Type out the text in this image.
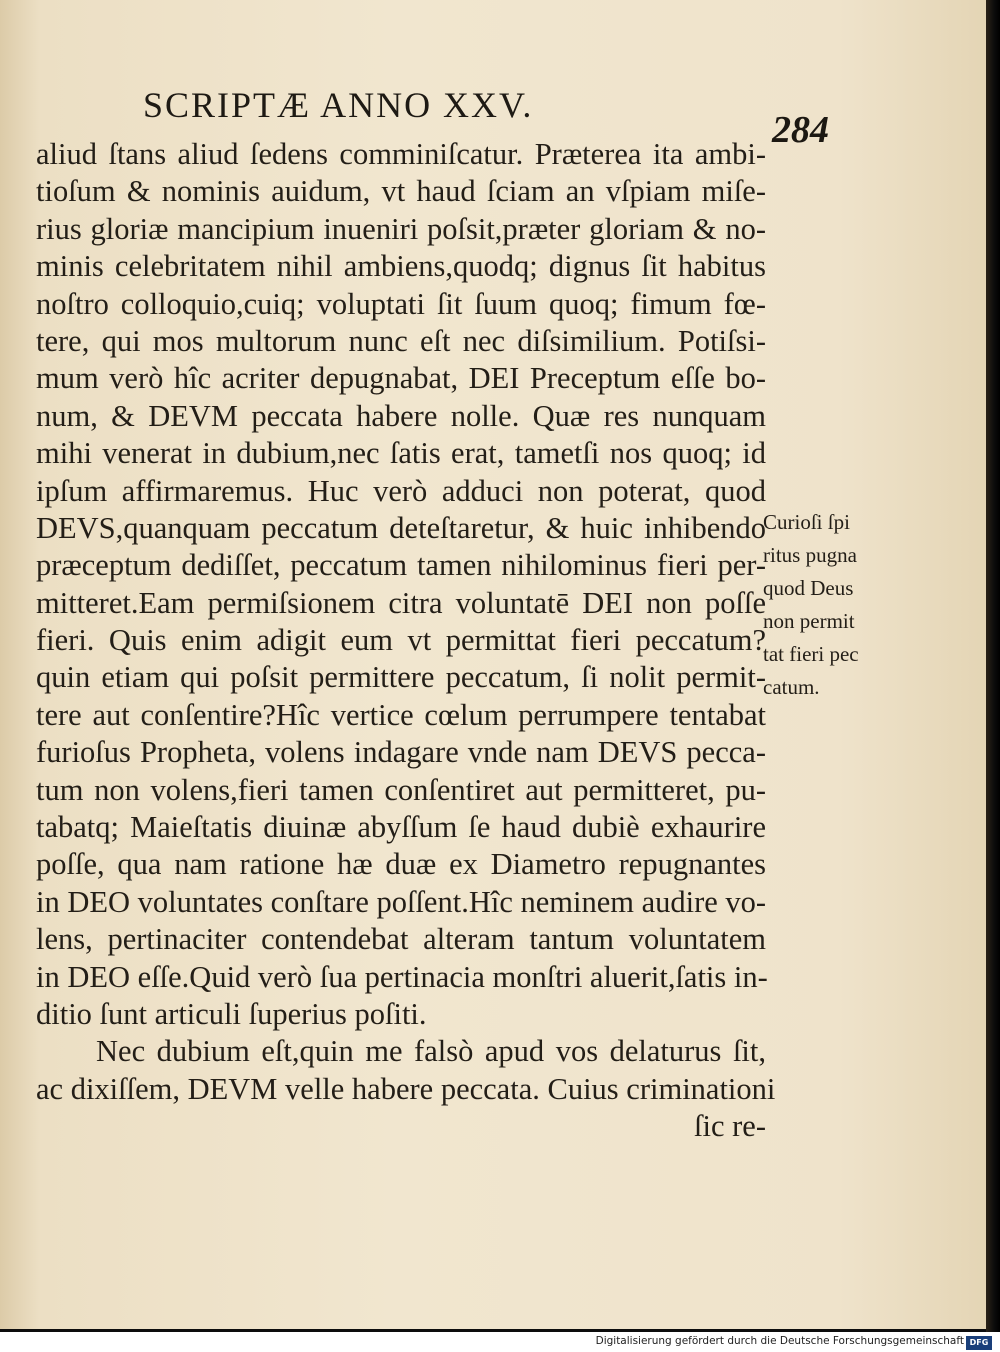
SCRIPTÆ ANNO XXV.
284
aliud ſtans aliud ſedens comminiſcatur. Præterea ita ambi-
tioſum & nominis auidum, vt haud ſciam an vſpiam miſe-
rius gloriæ mancipium inueniri poſsit,præter gloriam & no-
minis celebritatem nihil ambiens,quodq; dignus ſit habitus
noſtro colloquio,cuiq; voluptati ſit ſuum quoq; fimum fœ-
tere, qui mos multorum nunc eſt nec diſsimilium. Potiſsi-
mum verò hîc acriter depugnabat, DEI Preceptum eſſe bo-
num, & DEVM peccata habere nolle. Quæ res nunquam
mihi venerat in dubium,nec ſatis erat, tametſi nos quoq; id
ipſum affirmaremus. Huc verò adduci non poterat, quod
DEVS,quanquam peccatum deteſtaretur, & huic inhibendo
præceptum dediſſet, peccatum tamen nihilominus fieri per-
mitteret.Eam permiſsionem citra voluntatē DEI non poſſe
fieri. Quis enim adigit eum vt permittat fieri peccatum?
quin etiam qui poſsit permittere peccatum, ſi nolit permit-
tere aut conſentire?Hîc vertice cœlum perrumpere tentabat
furioſus Propheta, volens indagare vnde nam DEVS pecca-
tum non volens,fieri tamen conſentiret aut permitteret, pu-
tabatq; Maieſtatis diuinæ abyſſum ſe haud dubiè exhaurire
poſſe, qua nam ratione hæ duæ ex Diametro repugnantes
in DEO voluntates conſtare poſſent.Hîc neminem audire vo-
lens, pertinaciter contendebat alteram tantum voluntatem
in DEO eſſe.Quid verò ſua pertinacia monſtri aluerit,ſatis in-
ditio ſunt articuli ſuperius poſiti.
Nec dubium eſt,quin me falsò apud vos delaturus ſit,
ac dixiſſem, DEVM velle habere peccata. Cuius criminationi
ſic re-
Curioſi ſpi
ritus pugna
quod Deus
non permit
tat fieri pec
catum.
Digitalisierung gefördert durch die Deutsche Forschungsgemeinschaft DFG
